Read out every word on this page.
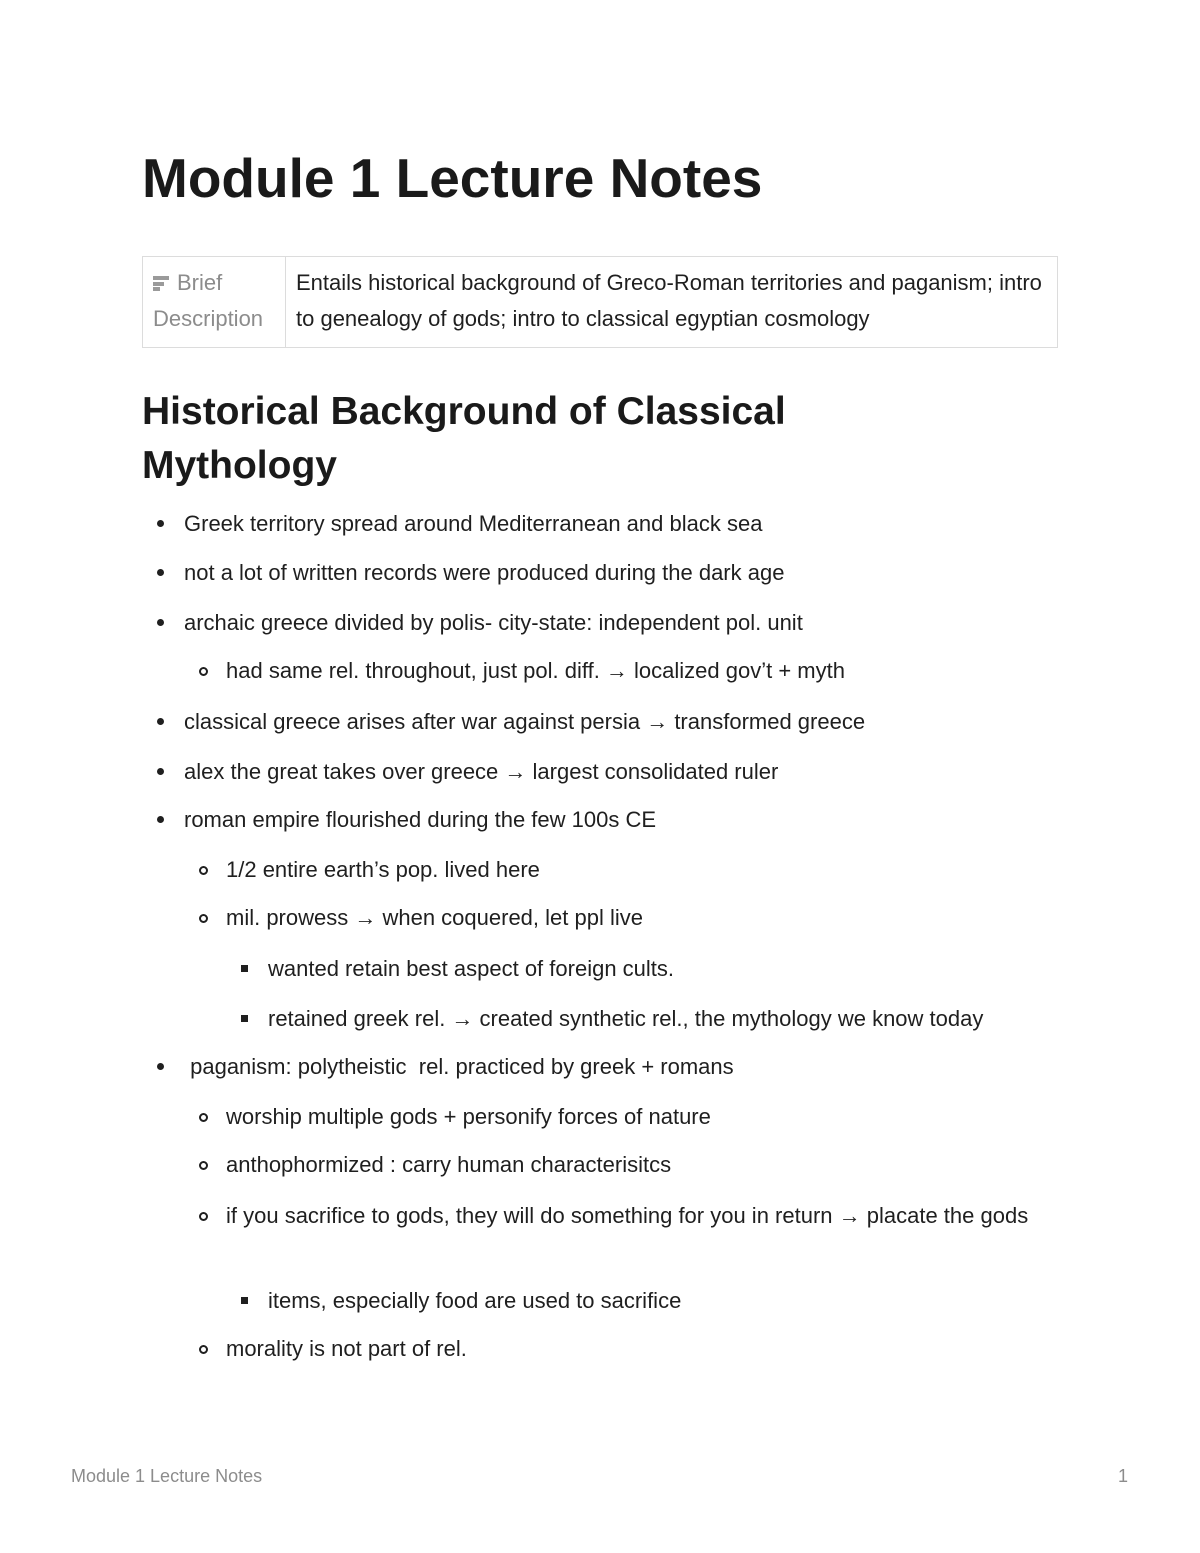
Module 1 Lecture Notes
Brief Description	Entails historical background of Greco-Roman territories and paganism; intro to genealogy of gods; intro to classical egyptian cosmology
Historical Background of Classical Mythology
Greek territory spread around Mediterranean and black sea
not a lot of written records were produced during the dark age
archaic greece divided by polis- city-state: independent pol. unit
had same rel. throughout, just pol. diff. → localized gov’t + myth
classical greece arises after war against persia → transformed greece
alex the great takes over greece → largest consolidated ruler
roman empire flourished during the few 100s CE
1/2 entire earth’s pop. lived here
mil. prowess → when coquered, let ppl live
wanted retain best aspect of foreign cults.
retained greek rel. → created synthetic rel., the mythology we know today
paganism: polytheistic  rel. practiced by greek + romans
worship multiple gods + personify forces of nature
anthophormized : carry human characterisitcs
if you sacrifice to gods, they will do something for you in return → placate the gods
items, especially food are used to sacrifice
morality is not part of rel.
Module 1 Lecture Notes	1
